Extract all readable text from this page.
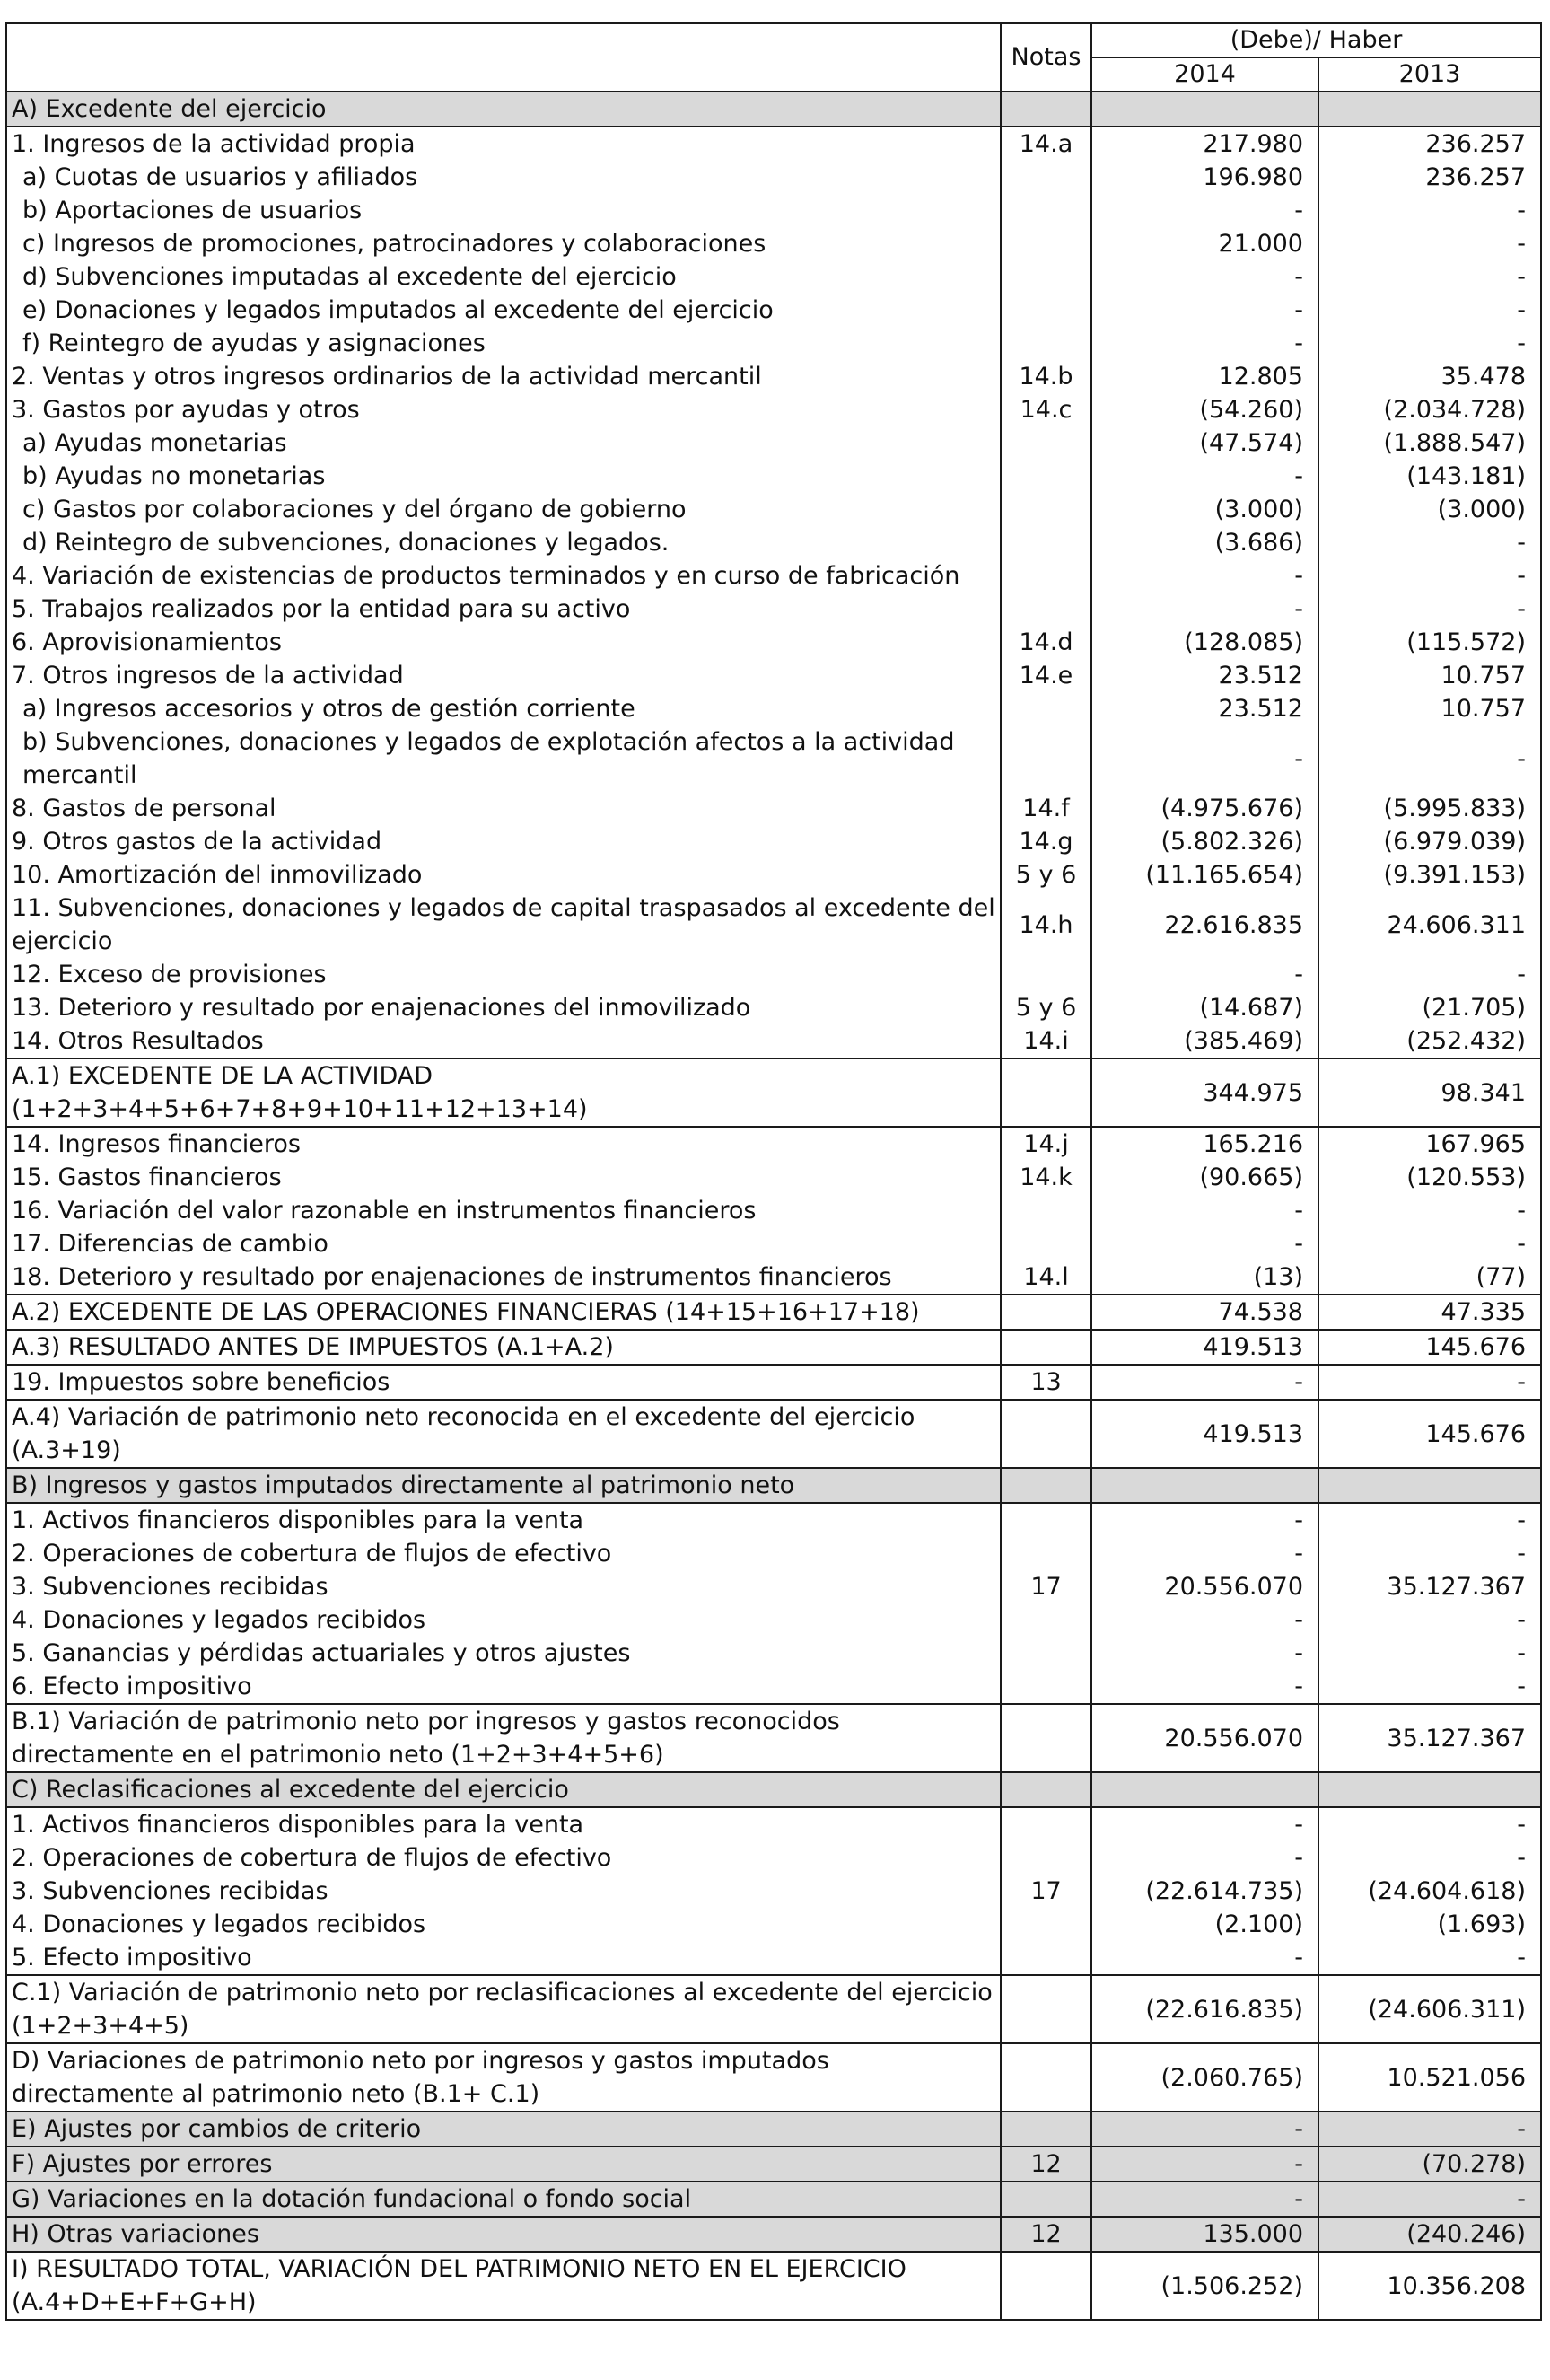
	Notas	(Debe)/ Haber	
		2014	2013
A) Excedente del ejercicio			
1. Ingresos de la actividad propia	14.a	217.980	236.257
a) Cuotas de usuarios y afiliados		196.980	236.257
b) Aportaciones de usuarios		-	-
c) Ingresos de promociones, patrocinadores y colaboraciones		21.000	-
d) Subvenciones imputadas al excedente del ejercicio		-	-
e) Donaciones y legados imputados al excedente del ejercicio		-	-
f) Reintegro de ayudas y asignaciones		-	-
2. Ventas y otros ingresos ordinarios de la actividad mercantil	14.b	12.805	35.478
3. Gastos por ayudas y otros	14.c	(54.260)	(2.034.728)
a) Ayudas monetarias		(47.574)	(1.888.547)
b) Ayudas no monetarias		-	(143.181)
c) Gastos por colaboraciones y del órgano de gobierno		(3.000)	(3.000)
d) Reintegro de subvenciones, donaciones y legados.		(3.686)	-
4. Variación de existencias de productos terminados y en curso de fabricación		-	-
5. Trabajos realizados por la entidad para su activo		-	-
6. Aprovisionamientos	14.d	(128.085)	(115.572)
7. Otros ingresos de la actividad	14.e	23.512	10.757
a) Ingresos accesorios y otros de gestión corriente		23.512	10.757
b) Subvenciones, donaciones y legados de explotación afectos a la actividad mercantil		-	-
8. Gastos de personal	14.f	(4.975.676)	(5.995.833)
9. Otros gastos de la actividad	14.g	(5.802.326)	(6.979.039)
10. Amortización del inmovilizado	5 y 6	(11.165.654)	(9.391.153)
11. Subvenciones, donaciones y legados de capital traspasados al excedente del ejercicio	14.h	22.616.835	24.606.311
12. Exceso de provisiones		-	-
13. Deterioro y resultado por enajenaciones del inmovilizado	5 y 6	(14.687)	(21.705)
14. Otros Resultados	14.i	(385.469)	(252.432)
A.1) EXCEDENTE DE LA ACTIVIDAD (1+2+3+4+5+6+7+8+9+10+11+12+13+14)		344.975	98.341
14. Ingresos financieros	14.j	165.216	167.965
15. Gastos financieros	14.k	(90.665)	(120.553)
16. Variación del valor razonable en instrumentos financieros		-	-
17. Diferencias de cambio		-	-
18. Deterioro y resultado por enajenaciones de instrumentos financieros	14.l	(13)	(77)
A.2) EXCEDENTE DE LAS OPERACIONES FINANCIERAS (14+15+16+17+18)		74.538	47.335
A.3) RESULTADO ANTES DE IMPUESTOS (A.1+A.2)		419.513	145.676
19. Impuestos sobre beneficios	13	-	-
A.4) Variación de patrimonio neto reconocida en el excedente del ejercicio (A.3+19)		419.513	145.676
B) Ingresos y gastos imputados directamente al patrimonio neto			
1. Activos financieros disponibles para la venta		-	-
2. Operaciones de cobertura de flujos de efectivo		-	-
3. Subvenciones recibidas	17	20.556.070	35.127.367
4. Donaciones y legados recibidos		-	-
5. Ganancias y pérdidas actuariales y otros ajustes		-	-
6. Efecto impositivo		-	-
B.1) Variación de patrimonio neto por ingresos y gastos reconocidos directamente en el patrimonio neto (1+2+3+4+5+6)		20.556.070	35.127.367
C) Reclasificaciones al excedente del ejercicio			
1. Activos financieros disponibles para la venta		-	-
2. Operaciones de cobertura de flujos de efectivo		-	-
3. Subvenciones recibidas	17	(22.614.735)	(24.604.618)
4. Donaciones y legados recibidos		(2.100)	(1.693)
5. Efecto impositivo		-	-
C.1) Variación de patrimonio neto por reclasificaciones al excedente del ejercicio (1+2+3+4+5)		(22.616.835)	(24.606.311)
D) Variaciones de patrimonio neto por ingresos y gastos imputados directamente al patrimonio neto (B.1+ C.1)		(2.060.765)	10.521.056
E) Ajustes por cambios de criterio		-	-
F) Ajustes por errores	12	-	(70.278)
G) Variaciones en la dotación fundacional o fondo social		-	-
H) Otras variaciones	12	135.000	(240.246)
I) RESULTADO TOTAL, VARIACIÓN DEL PATRIMONIO NETO EN EL EJERCICIO (A.4+D+E+F+G+H)		(1.506.252)	10.356.208
